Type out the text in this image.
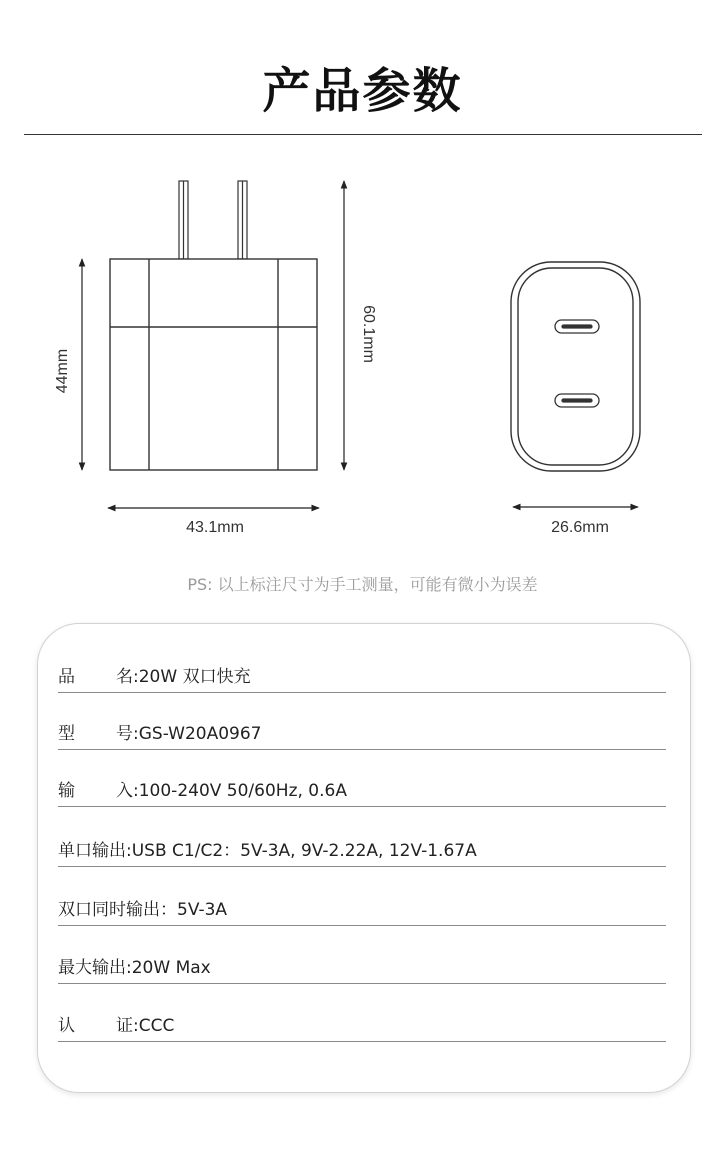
产品参数
44mm
60.1mm
43.1mm	26.6mm
PS: 以上标注尺寸为手工测量，可能有微小为误差
品 名:20W 双口快充
型 号:GS-W20A0967
输 入:100-240V 50/60Hz, 0.6A
单口输出:USB C1/C2：5V-3A, 9V-2.22A, 12V-1.67A
双口同时输出：5V-3A
最大输出:20W Max
认 证:CCC
